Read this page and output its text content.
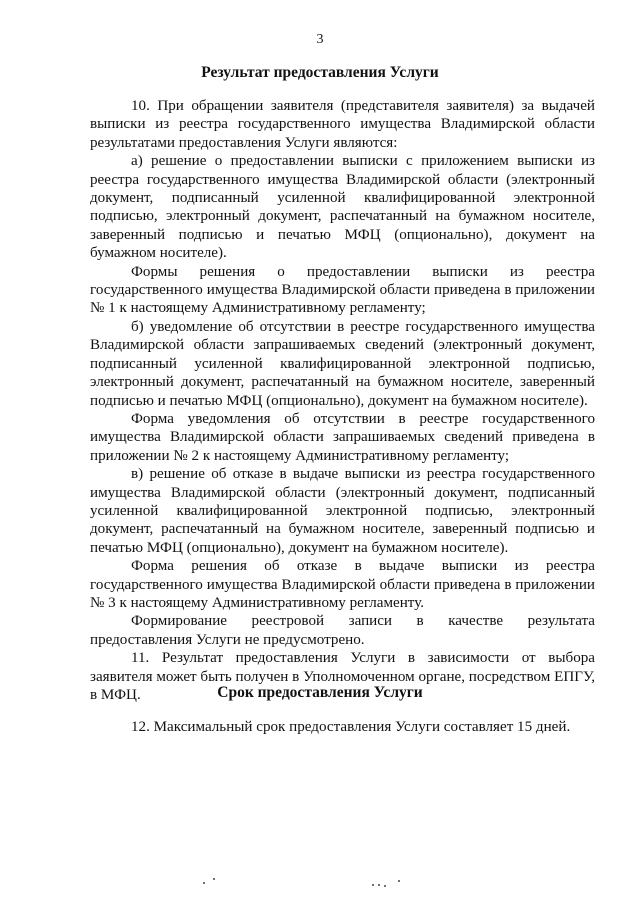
3
Результат предоставления Услуги

10. При обращении заявителя (представителя заявителя) за выдачей выписки из реестра государственного имущества Владимирской области результатами предоставления Услуги являются:

а) решение о предоставлении выписки с приложением выписки из реестра государственного имущества Владимирской области (электронный документ, подписанный усиленной квалифицированной электронной подписью, электронный документ, распечатанный на бумажном носителе, заверенный подписью и печатью МФЦ (опционально), документ на бумажном носителе).

Формы решения о предоставлении выписки из реестра государственного имущества Владимирской области приведена в приложении № 1 к настоящему Административному регламенту;

б) уведомление об отсутствии в реестре государственного имущества Владимирской области запрашиваемых сведений (электронный документ, подписанный усиленной квалифицированной электронной подписью, электронный документ, распечатанный на бумажном носителе, заверенный подписью и печатью МФЦ (опционально), документ на бумажном носителе).

Форма уведомления об отсутствии в реестре государственного имущества Владимирской области запрашиваемых сведений приведена в приложении № 2 к настоящему Административному регламенту;

в) решение об отказе в выдаче выписки из реестра государственного имущества Владимирской области (электронный документ, подписанный усиленной квалифицированной электронной подписью, электронный документ, распечатанный на бумажном носителе, заверенный подписью и печатью МФЦ (опционально), документ на бумажном носителе).

Форма решения об отказе в выдаче выписки из реестра государственного имущества Владимирской области приведена в приложении № 3 к настоящему Административному регламенту.

Формирование реестровой записи в качестве результата предоставления Услуги не предусмотрено.

11. Результат предоставления Услуги в зависимости от выбора заявителя может быть получен в Уполномоченном органе, посредством ЕПГУ, в МФЦ.	Срок предоставления Услуги

12. Максимальный срок предоставления Услуги составляет 15 дней.
